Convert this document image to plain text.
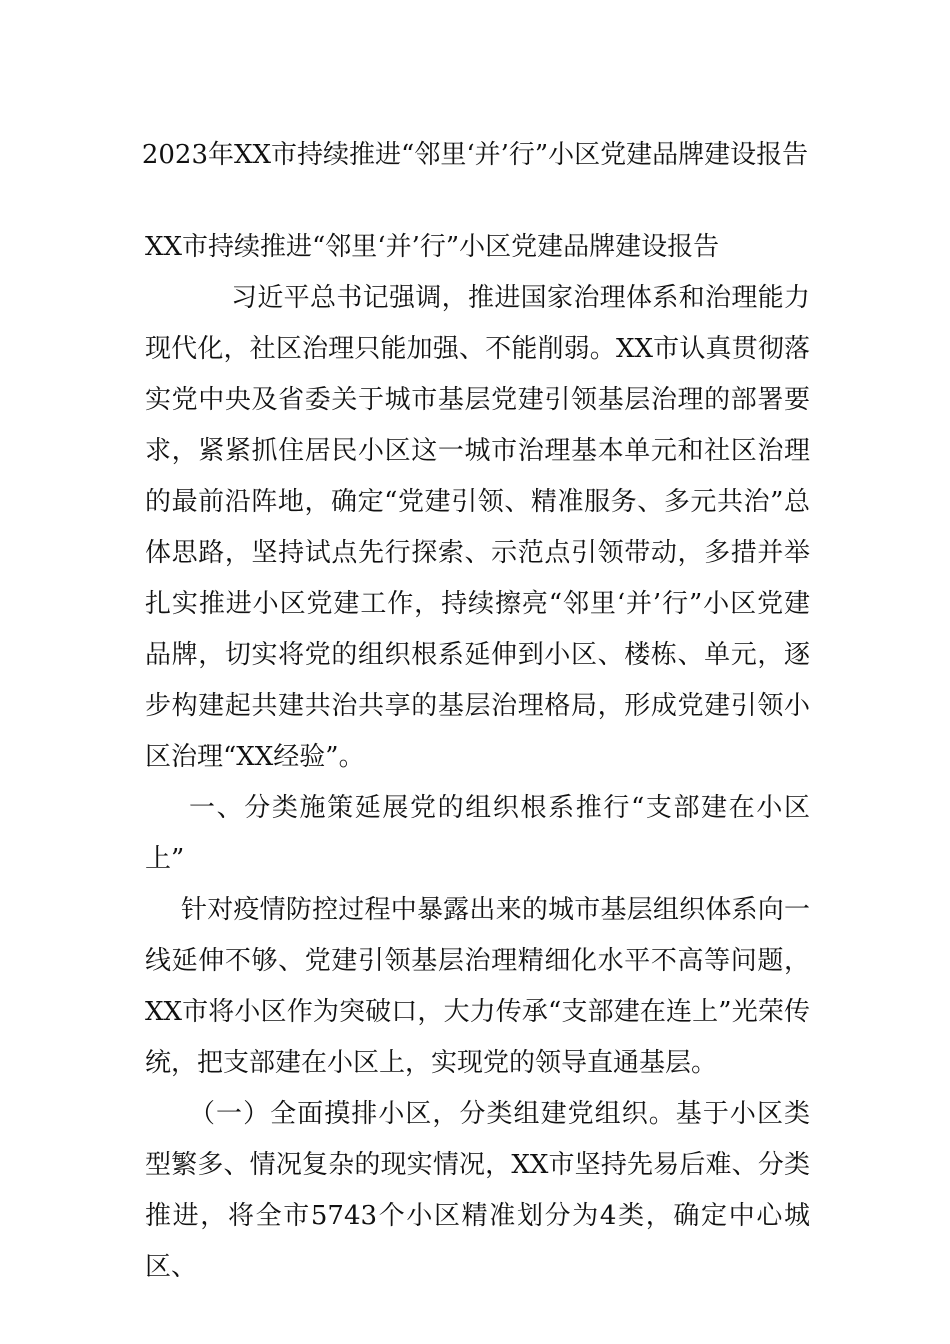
2023年XX市持续推进“邻里‘并’行”小区党建品牌建设报告

XX市持续推进“邻里‘并’行”小区党建品牌建设报告

习近平总书记强调，推进国家治理体系和治理能力现代化，社区治理只能加强、不能削弱。XX市认真贯彻落实党中央及省委关于城市基层党建引领基层治理的部署要求，紧紧抓住居民小区这一城市治理基本单元和社区治理的最前沿阵地，确定“党建引领、精准服务、多元共治”总体思路，坚持试点先行探索、示范点引领带动，多措并举扎实推进小区党建工作，持续擦亮“邻里‘并’行”小区党建品牌，切实将党的组织根系延伸到小区、楼栋、单元，逐步构建起共建共治共享的基层治理格局，形成党建引领小区治理“XX经验”。

一、分类施策延展党的组织根系推行“支部建在小区上”

针对疫情防控过程中暴露出来的城市基层组织体系向一线延伸不够、党建引领基层治理精细化水平不高等问题，XX市将小区作为突破口，大力传承“支部建在连上”光荣传统，把支部建在小区上，实现党的领导直通基层。

（一）全面摸排小区，分类组建党组织。基于小区类型繁多、情况复杂的现实情况，XX市坚持先易后难、分类推进，将全市5743个小区精准划分为4类，确定中心城区、
